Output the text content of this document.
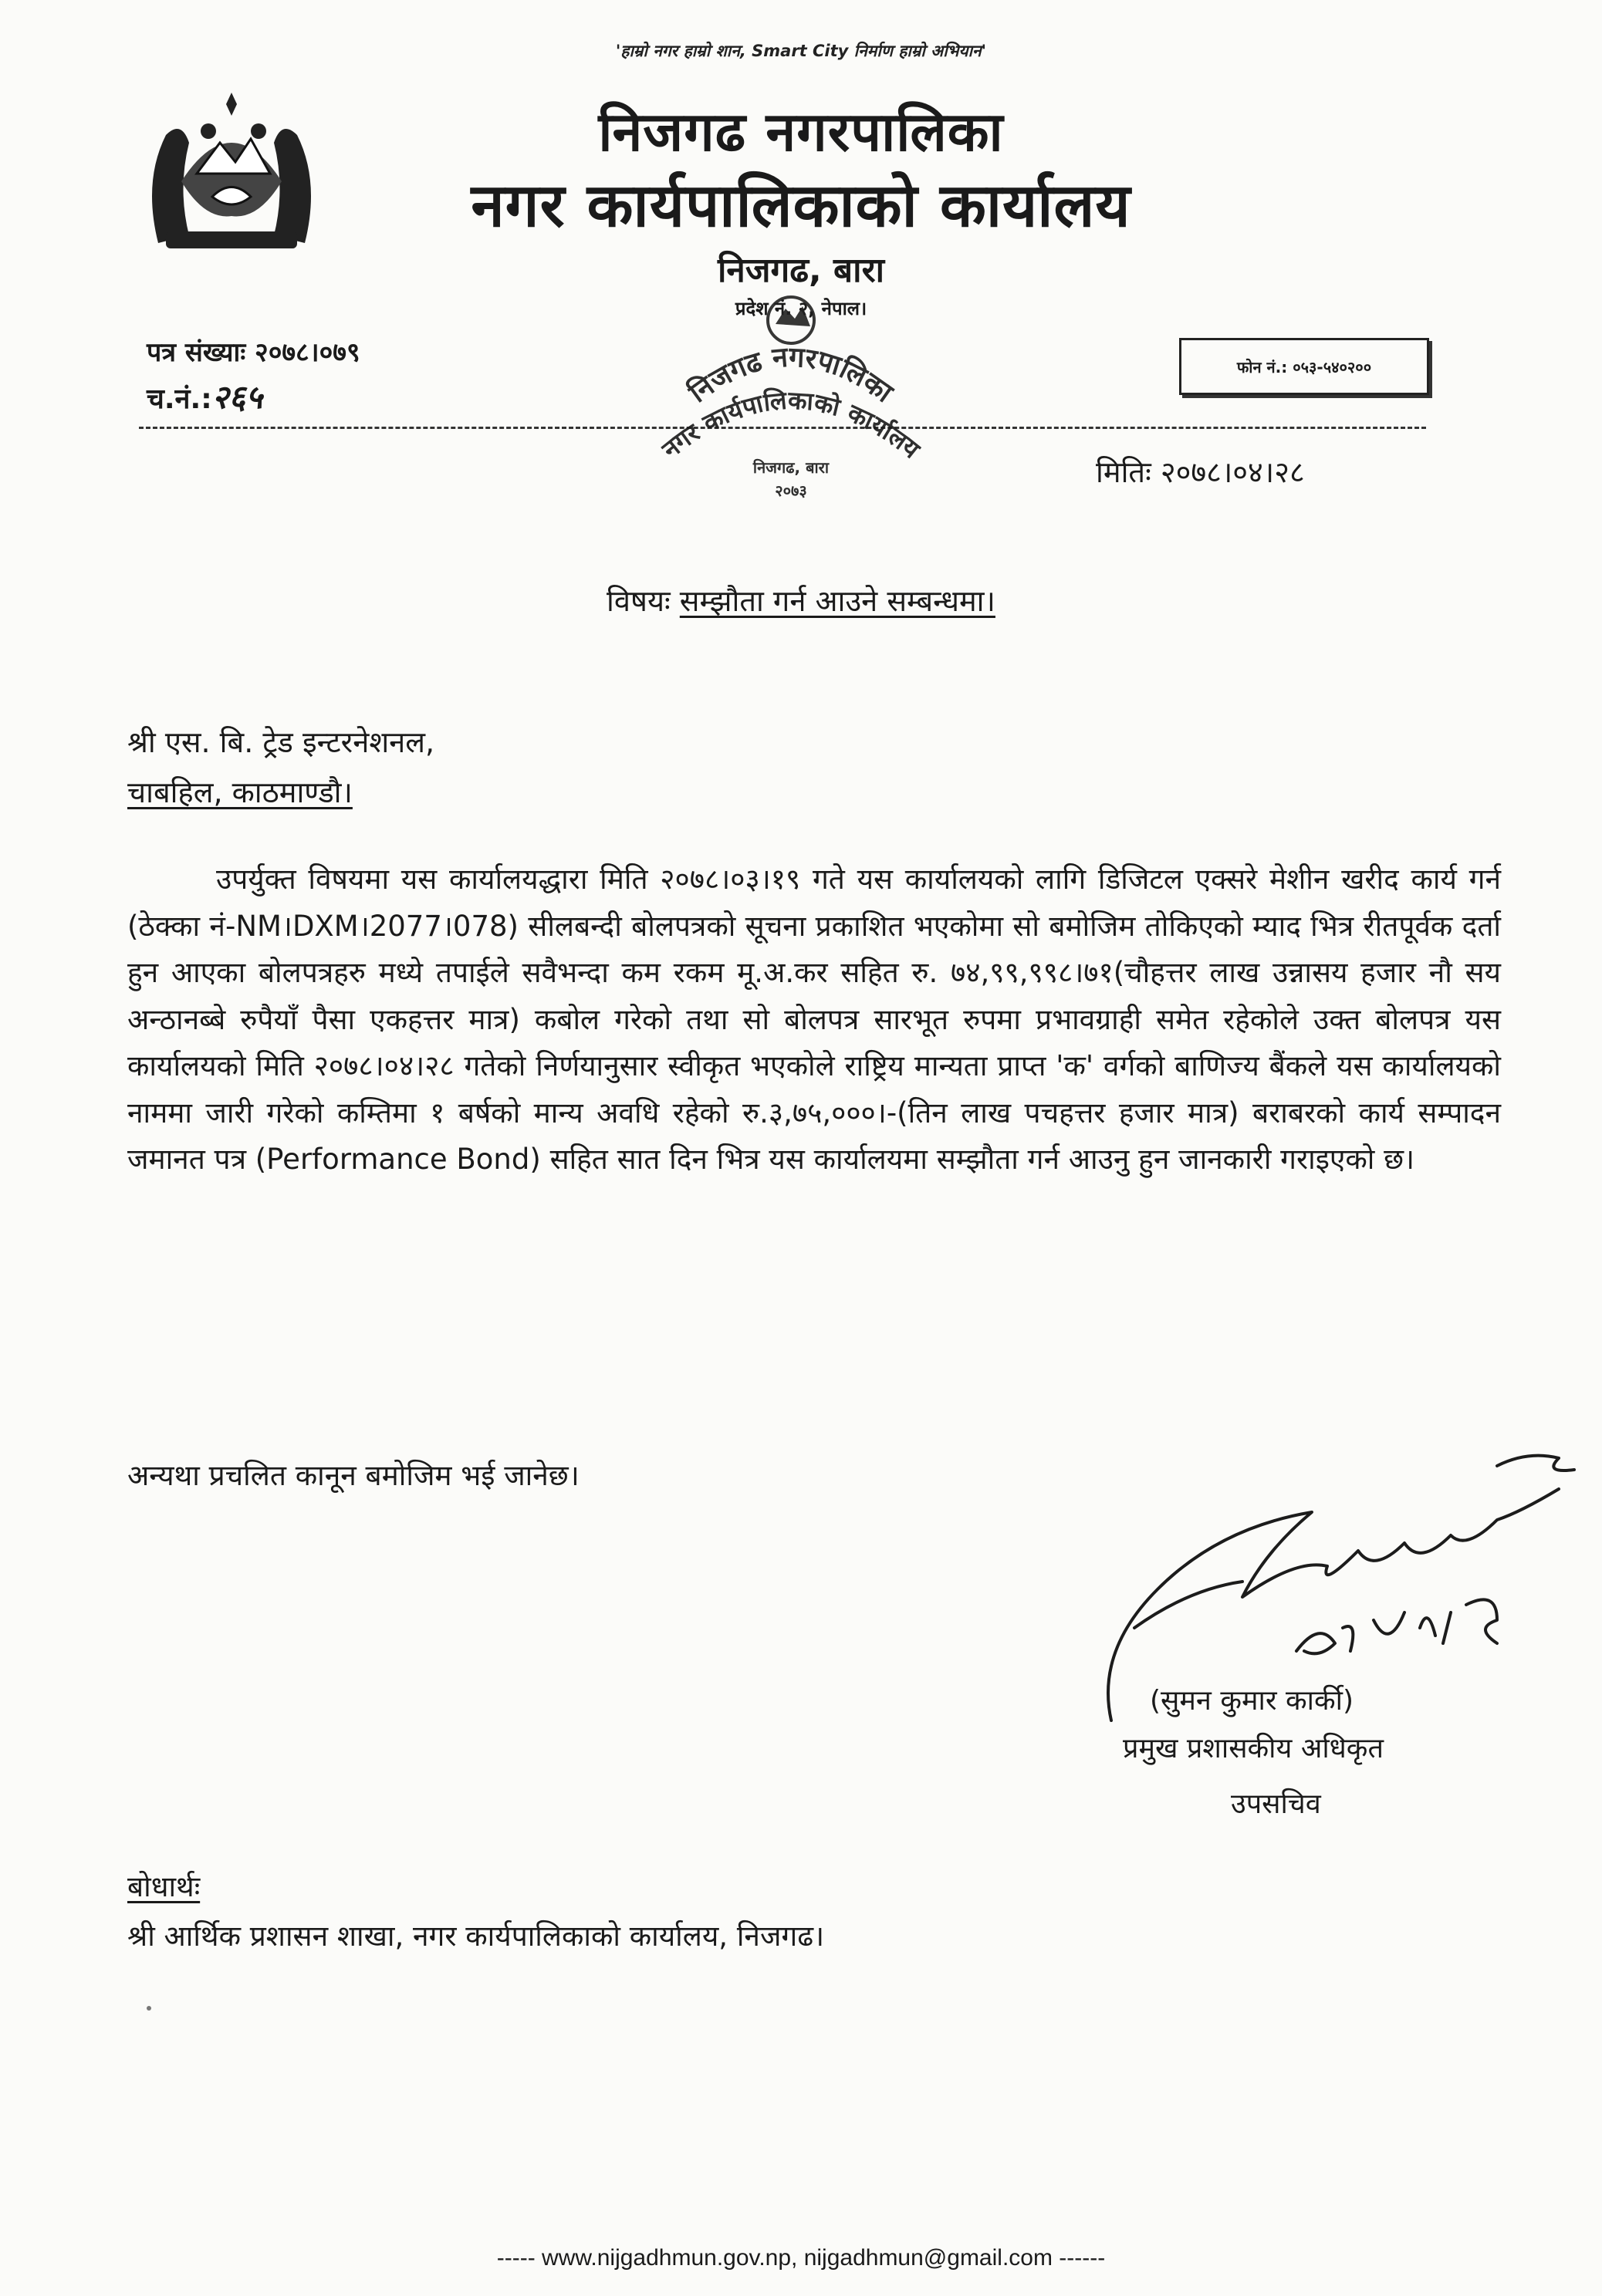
'हाम्रो नगर हाम्रो शान, Smart City निर्माण हाम्रो अभियान'
निजगढ नगरपालिका
नगर कार्यपालिकाको कार्यालय
निजगढ, बारा
प्रदेश नं. २, नेपाल।
पत्र संख्याः २०७८।०७९
च.नं.:२६५
फोन नं.: ०५३-५४०२००
निजगढ नगरपालिका
नगर कार्यपालिकाको कार्यालय
निजगढ, बारा
२०७३
मितिः २०७८।०४।२८
विषयः सम्झौता गर्न आउने सम्बन्धमा।
श्री एस. बि. ट्रेड इन्टरनेशनल,
चाबहिल, काठमाण्डौ।
उपर्युक्त विषयमा यस कार्यालयद्धारा मिति २०७८।०३।१९ गते यस कार्यालयको लागि डिजिटल एक्सरे मेशीन खरीद कार्य गर्न (ठेक्का नं-NM।DXM।2077।078) सीलबन्दी बोलपत्रको सूचना प्रकाशित भएकोमा सो बमोजिम तोकिएको म्याद भित्र रीतपूर्वक दर्ता हुन आएका बोलपत्रहरु मध्ये तपाईले सवैभन्दा कम रकम मू.अ.कर सहित रु. ७४,९९,९९८।७१(चौहत्तर लाख उन्नासय हजार नौ सय अन्ठानब्बे रुपैयाँ पैसा एकहत्तर मात्र) कबोल गरेको तथा सो बोलपत्र सारभूत रुपमा प्रभावग्राही समेत रहेकोले उक्त बोलपत्र यस कार्यालयको मिति २०७८।०४।२८ गतेको निर्णयानुसार स्वीकृत भएकोले राष्ट्रिय मान्यता प्राप्त 'क' वर्गको बाणिज्य बैंकले यस कार्यालयको नाममा जारी गरेको कम्तिमा १ बर्षको मान्य अवधि रहेको रु.३,७५,०००।-(तिन लाख पचहत्तर हजार मात्र) बराबरको कार्य सम्पादन जमानत पत्र (Performance Bond) सहित सात दिन भित्र यस कार्यालयमा सम्झौता गर्न आउनु हुन जानकारी गराइएको छ।
अन्यथा प्रचलित कानून बमोजिम भई जानेछ।
(सुमन कुमार कार्की)
प्रमुख प्रशासकीय अधिकृत
उपसचिव
बोधार्थः
श्री आर्थिक प्रशासन शाखा, नगर कार्यपालिकाको कार्यालय, निजगढ।
----- www.nijgadhmun.gov.np, nijgadhmun@gmail.com ------
